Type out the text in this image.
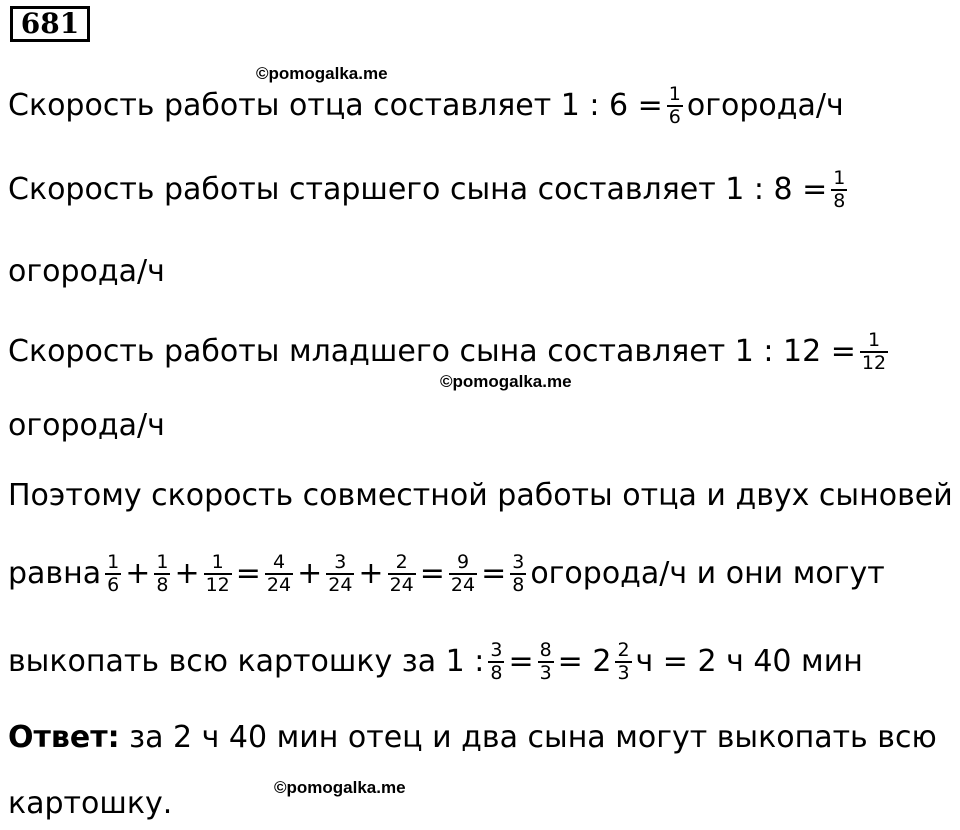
681
©pomogalka.me
©pomogalka.me
©pomogalka.me
Скорость работы отца составляет 1 : $6 = \frac{1}{6}$ огорода/ч
Скорость работы старшего сына составляет 1 : $8 = \frac{1}{8}$
огорода/ч
Скорость работы младшего сына составляет 1 : $12 = \frac{1}{12}$
огорода/ч
Поэтому скорость совместной работы отца и двух сыновей
равна $\frac{1}{6} + \frac{1}{8} + \frac{1}{12} = \frac{4}{24} + \frac{3}{24} + \frac{2}{24} = \frac{9}{24} = \frac{3}{8}$ огорода/ч и они могут
выкопать всю картошку за 1 : $\frac{3}{8} = \frac{8}{3} = 2 \frac{2}{3}$ ч = 2 ч 40 мин
Ответ: за 2 ч 40 мин отец и два сына могут выкопать всю
картошку.
